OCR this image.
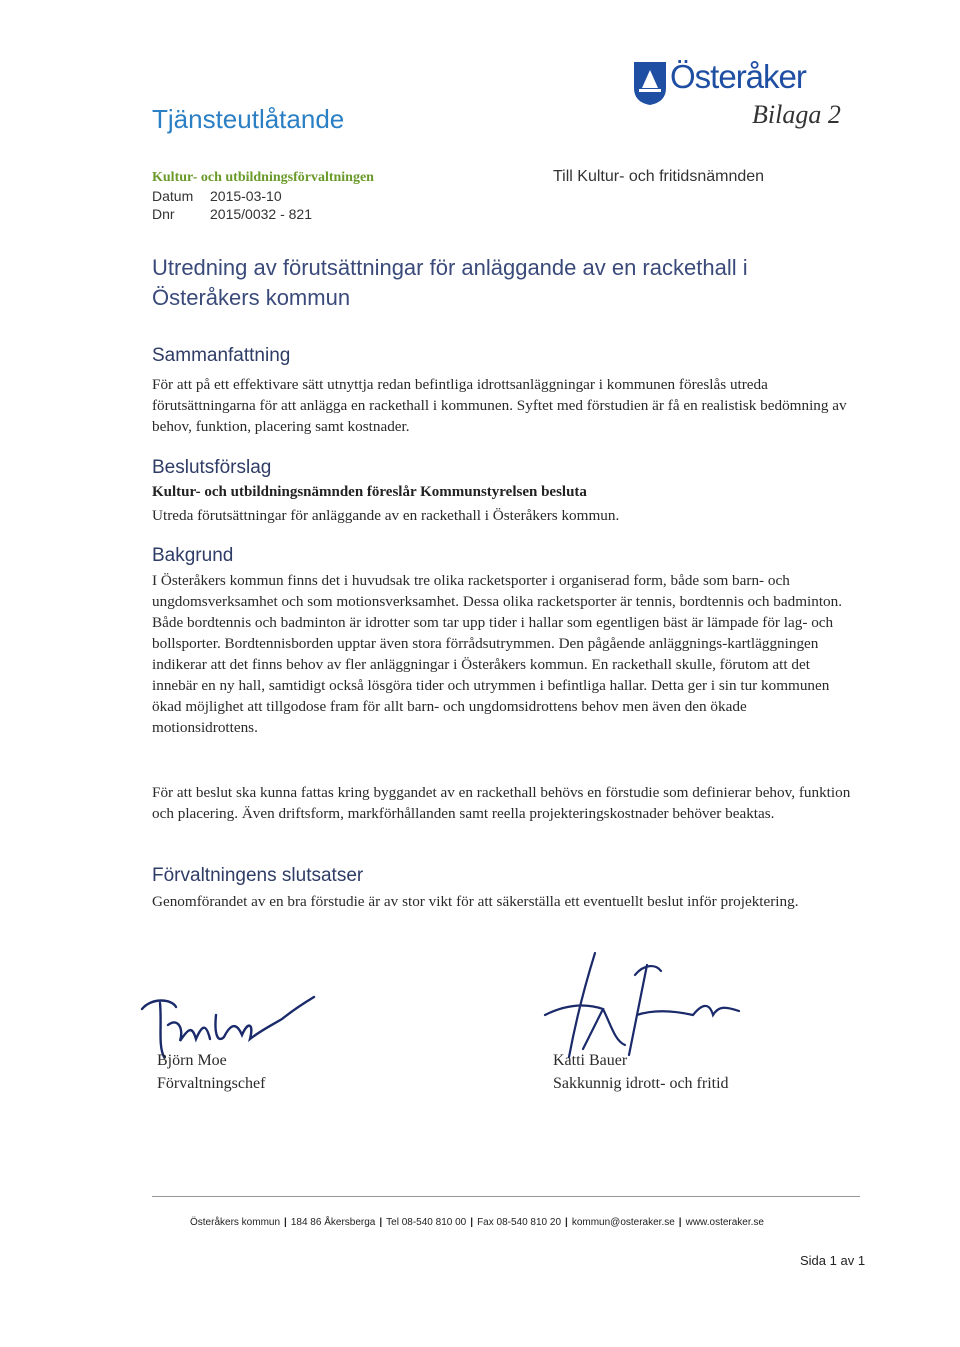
Österåker
Bilaga 2
Tjänsteutlåtande
Kultur- och utbildningsförvaltningen
Datum 2015-03-10
Dnr	2015/0032 - 821
Till Kultur- och fritidsnämnden
Utredning av förutsättningar för anläggande av en rackethall i Österåkers kommun
Sammanfattning
För att på ett effektivare sätt utnyttja redan befintliga idrottsanläggningar i kommunen föreslås utreda förutsättningarna för att anlägga en rackethall i kommunen. Syftet med förstudien är få en realistisk bedömning av behov, funktion, placering samt kostnader.
Beslutsförslag
Kultur- och utbildningsnämnden föreslår Kommunstyrelsen besluta
Utreda förutsättningar för anläggande av en rackethall i Österåkers kommun.
Bakgrund
I Österåkers kommun finns det i huvudsak tre olika racketsporter i organiserad form, både som barn- och ungdomsverksamhet och som motionsverksamhet. Dessa olika racketsporter är tennis, bordtennis och badminton. Både bordtennis och badminton är idrotter som tar upp tider i hallar som egentligen bäst är lämpade för lag- och bollsporter. Bordtennisborden upptar även stora förrådsutrymmen. Den pågående anläggnings-kartläggningen indikerar att det finns behov av fler anläggningar i Österåkers kommun. En rackethall skulle, förutom att det innebär en ny hall, samtidigt också lösgöra tider och utrymmen i befintliga hallar. Detta ger i sin tur kommunen ökad möjlighet att tillgodose fram för allt barn- och ungdomsidrottens behov men även den ökade motionsidrottens.
För att beslut ska kunna fattas kring byggandet av en rackethall behövs en förstudie som definierar behov, funktion och placering. Även driftsform, markförhållanden samt reella projekteringskostnader behöver beaktas.
Förvaltningens slutsatser
Genomförandet av en bra förstudie är av stor vikt för att säkerställa ett eventuellt beslut inför projektering.
Björn Moe
Förvaltningschef
Katti Bauer
Sakkunnig idrott- och fritid
Österåkers kommun | 184 86 Åkersberga | Tel 08-540 810 00 | Fax 08-540 810 20 | kommun@osteraker.se | www.osteraker.se
Sida 1 av 1
